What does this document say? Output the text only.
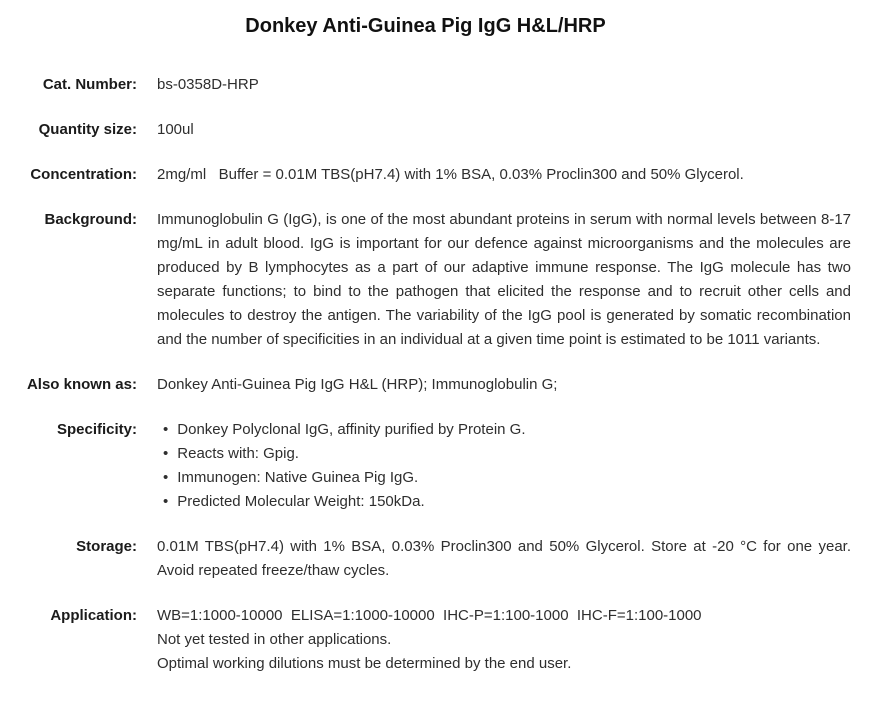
Donkey Anti-Guinea Pig IgG H&L/HRP
Cat. Number: bs-0358D-HRP
Quantity size: 100ul
Concentration: 2mg/ml   Buffer = 0.01M TBS(pH7.4) with 1% BSA, 0.03% Proclin300 and 50% Glycerol.
Background: Immunoglobulin G (IgG), is one of the most abundant proteins in serum with normal levels between 8-17 mg/mL in adult blood. IgG is important for our defence against microorganisms and the molecules are produced by B lymphocytes as a part of our adaptive immune response. The IgG molecule has two separate functions; to bind to the pathogen that elicited the response and to recruit other cells and molecules to destroy the antigen. The variability of the IgG pool is generated by somatic recombination and the number of specificities in an individual at a given time point is estimated to be 1011 variants.
Also known as: Donkey Anti-Guinea Pig IgG H&L (HRP); Immunoglobulin G;
Specificity:	• Donkey Polyclonal IgG, affinity purified by Protein G.
• Reacts with: Gpig.
• Immunogen: Native Guinea Pig IgG.
• Predicted Molecular Weight: 150kDa.
Storage: 0.01M TBS(pH7.4) with 1% BSA, 0.03% Proclin300 and 50% Glycerol. Store at -20 °C for one year. Avoid repeated freeze/thaw cycles.
Application: WB=1:1000-10000  ELISA=1:1000-10000  IHC-P=1:100-1000  IHC-F=1:100-1000

Not yet tested in other applications.

Optimal working dilutions must be determined by the end user.
